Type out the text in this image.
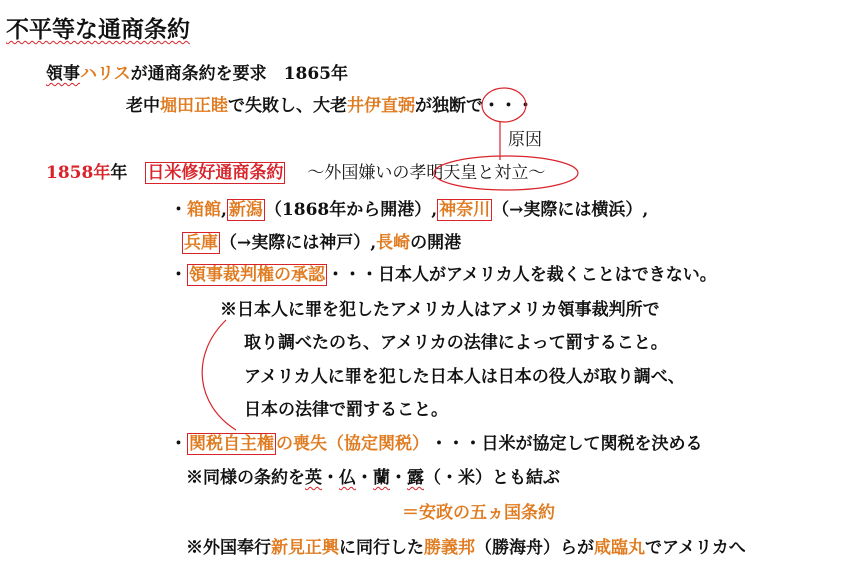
不平等な通商条約
領事ハリスが通商条約を要求　1865年
老中堀田正睦で失敗し、大老井伊直弼が独断で・・・
原因
1858年年 日米修好通商条約 ～外国嫌いの孝明天皇と対立～
・箱館, 新潟 （1868年から開港）, 神奈川 （→実際には横浜）,
兵庫 （→実際には神戸）,長崎の開港
・ 領事裁判権の承認 ・・・日本人がアメリカ人を裁くことはできない。
※日本人に罪を犯したアメリカ人はアメリカ領事裁判所で
取り調べたのち、アメリカの法律によって罰すること。
アメリカ人に罪を犯した日本人は日本の役人が取り調べ、
日本の法律で罰すること。
・ 関税自主権 の喪失（協定関税） ・・・日米が協定して関税を決める
※同様の条約を英・仏・蘭・露（・米）とも結ぶ
＝安政の五ヵ国条約
※外国奉行新見正興に同行した勝義邦（勝海舟）らが咸臨丸でアメリカへ
